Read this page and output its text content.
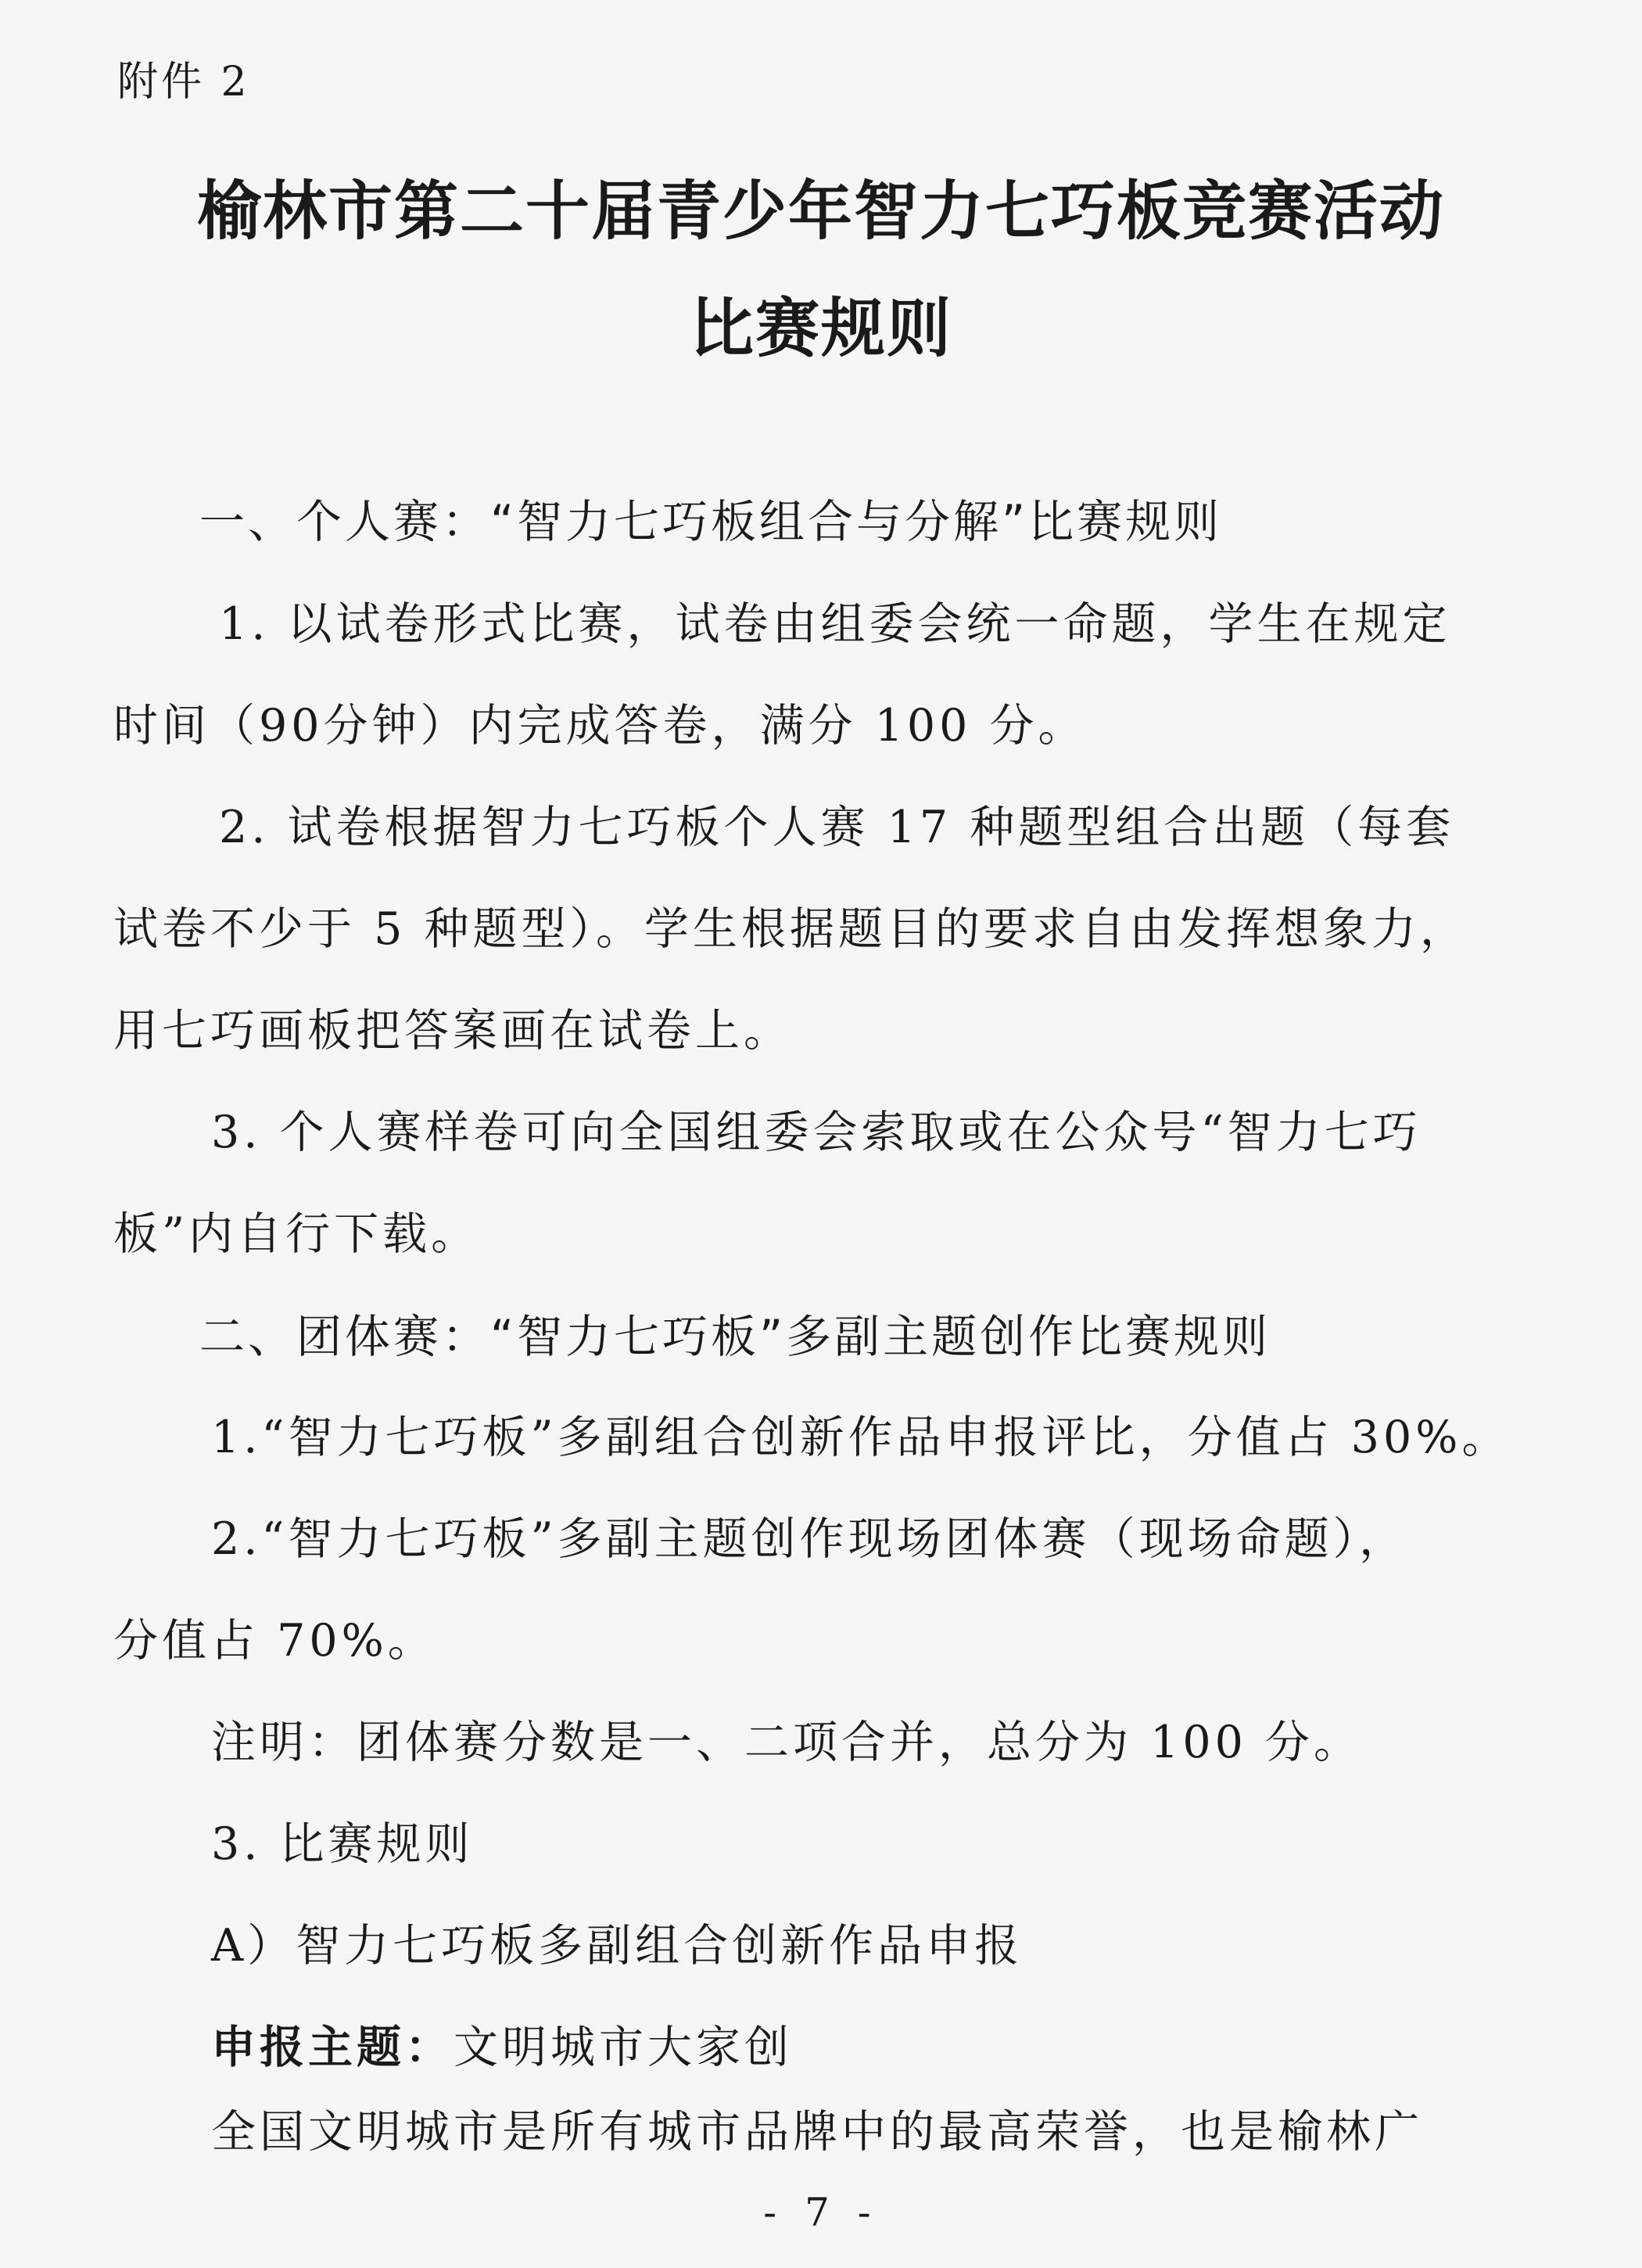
附件 2
榆林市第二十届青少年智力七巧板竞赛活动
比赛规则
一、个人赛：“智力七巧板组合与分解”比赛规则
1. 以试卷形式比赛，试卷由组委会统一命题，学生在规定
时间（90分钟）内完成答卷，满分 100 分。
2. 试卷根据智力七巧板个人赛 17 种题型组合出题（每套
试卷不少于 5 种题型）。学生根据题目的要求自由发挥想象力，
用七巧画板把答案画在试卷上。
3. 个人赛样卷可向全国组委会索取或在公众号“智力七巧
板”内自行下载。
二、团体赛：“智力七巧板”多副主题创作比赛规则
1.“智力七巧板”多副组合创新作品申报评比，分值占 30%。
2.“智力七巧板”多副主题创作现场团体赛（现场命题），
分值占 70%。
注明：团体赛分数是一、二项合并，总分为 100 分。
3. 比赛规则
A）智力七巧板多副组合创新作品申报
申报主题：文明城市大家创
全国文明城市是所有城市品牌中的最高荣誉，也是榆林广
- 7 -
